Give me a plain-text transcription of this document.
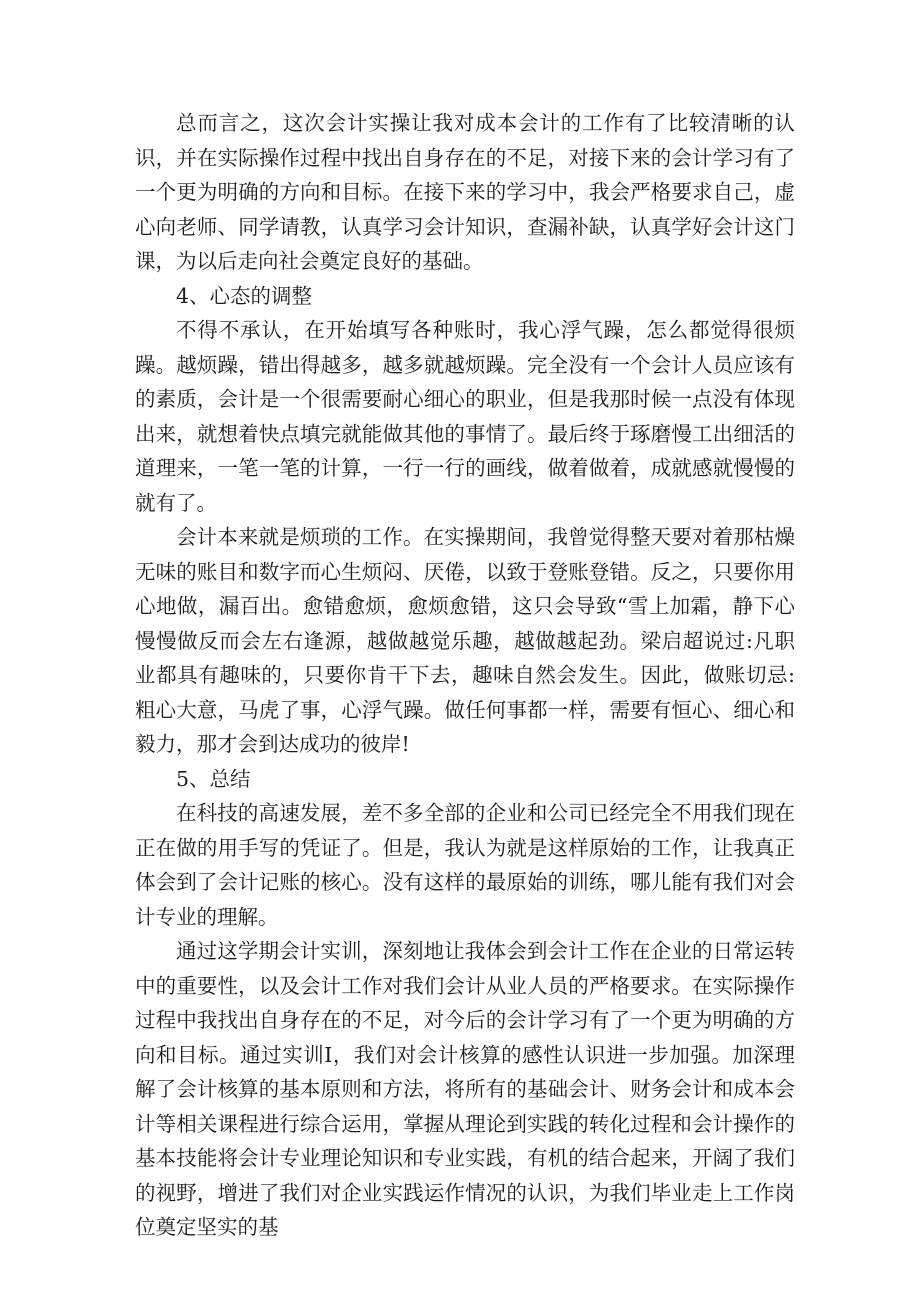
总而言之，这次会计实操让我对成本会计的工作有了比较清晰的认识，并在实际操作过程中找出自身存在的不足，对接下来的会计学习有了一个更为明确的方向和目标。在接下来的学习中，我会严格要求自己，虚心向老师、同学请教，认真学习会计知识，查漏补缺，认真学好会计这门课，为以后走向社会奠定良好的基础。

4、心态的调整

不得不承认，在开始填写各种账时，我心浮气躁，怎么都觉得很烦躁。越烦躁，错出得越多，越多就越烦躁。完全没有一个会计人员应该有的素质，会计是一个很需要耐心细心的职业，但是我那时候一点没有体现出来，就想着快点填完就能做其他的事情了。最后终于琢磨慢工出细活的道理来，一笔一笔的计算，一行一行的画线，做着做着，成就感就慢慢的就有了。

会计本来就是烦琐的工作。在实操期间，我曾觉得整天要对着那枯燥无味的账目和数字而心生烦闷、厌倦，以致于登账登错。反之，只要你用心地做，漏百出。愈错愈烦，愈烦愈错，这只会导致“雪上加霜，静下心慢慢做反而会左右逢源，越做越觉乐趣，越做越起劲。梁启超说过:凡职业都具有趣味的，只要你肯干下去，趣味自然会发生。因此，做账切忌:粗心大意，马虎了事，心浮气躁。做任何事都一样，需要有恒心、细心和毅力，那才会到达成功的彼岸!

5、总结

在科技的高速发展，差不多全部的企业和公司已经完全不用我们现在正在做的用手写的凭证了。但是，我认为就是这样原始的工作，让我真正体会到了会计记账的核心。没有这样的最原始的训练，哪儿能有我们对会计专业的理解。

通过这学期会计实训，深刻地让我体会到会计工作在企业的日常运转中的重要性，以及会计工作对我们会计从业人员的严格要求。在实际操作过程中我找出自身存在的不足，对今后的会计学习有了一个更为明确的方向和目标。通过实训I，我们对会计核算的感性认识进一步加强。加深理解了会计核算的基本原则和方法，将所有的基础会计、财务会计和成本会计等相关课程进行综合运用，掌握从理论到实践的转化过程和会计操作的基本技能将会计专业理论知识和专业实践，有机的结合起来，开阔了我们的视野，增进了我们对企业实践运作情况的认识，为我们毕业走上工作岗位奠定坚实的基
